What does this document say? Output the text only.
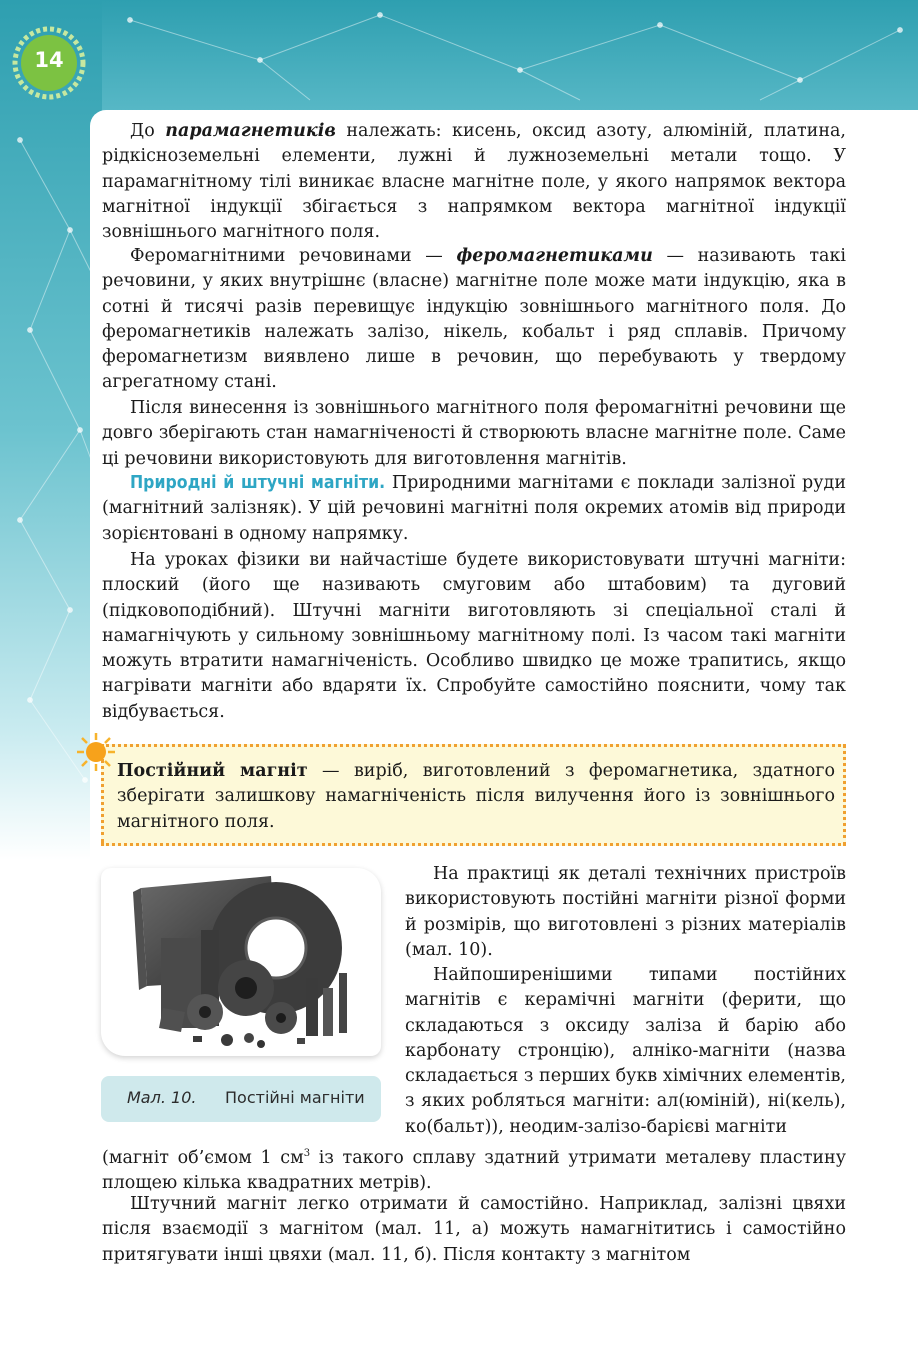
14

До парамагнетиків належать: кисень, оксид азоту, алюміній, платина, рідкісноземельні елементи, лужні й лужноземельні метали тощо. У парамагнітному тілі виникає власне магнітне поле, у якого напрямок вектора магнітної індукції збігається з напрямком вектора магнітної індукції зовнішнього магнітного поля.

Феромагнітними речовинами — феромагнетиками — називають такі речовини, у яких внутрішнє (власне) магнітне поле може мати індукцію, яка в сотні й тисячі разів перевищує індукцію зовнішнього магнітного поля. До феромагнетиків належать залізо, нікель, кобальт і ряд сплавів. Причому феромагнетизм виявлено лише в речовин, що перебувають у твердому агрегатному стані.

Після винесення із зовнішнього магнітного поля феромагнітні речовини ще довго зберігають стан намагніченості й створюють власне магнітне поле. Саме ці речовини використовують для виготовлення магнітів.

Природні й штучні магніти. Природними магнітами є поклади залізної руди (магнітний залізняк). У цій речовині магнітні поля окремих атомів від природи зорієнтовані в одному напрямку.

На уроках фізики ви найчастіше будете використовувати штучні магніти: плоский (його ще називають смуговим або штабовим) та дуговий (підковоподібний). Штучні магніти виготовляють зі спеціальної сталі й намагнічують у сильному зовнішньому магнітному полі. Із часом такі магніти можуть втратити намагніченість. Особливо швидко це може трапитись, якщо нагрівати магніти або вдаряти їх. Спробуйте самостійно пояснити, чому так відбувається.

Постійний магніт — виріб, виготовлений з феромагнетика, здатного зберігати залишкову намагніченість після вилучення його із зовнішнього магнітного поля.

Мал. 10. Постійні магніти

На практиці як деталі технічних пристроїв використовують постійні магніти різної форми й розмірів, що виготовлені з різних матеріалів (мал. 10).

Найпоширенішими типами постійних магнітів є керамічні магніти (ферити, що складаються з оксиду заліза й барію або карбонату стронцію), алніко-магніти (назва складається з перших букв хімічних елементів, з яких робляться магніти: ал(юміній), ні(кель), ко(бальт)), неодим-залізо-барієві магніти

(магніт об’ємом 1 $см^3$ із такого сплаву здатний утримати металеву пластину площею кілька квадратних метрів).

Штучний магніт легко отримати й самостійно. Наприклад, залізні цвяхи після взаємодії з магнітом (мал. 11, а) можуть намагнітитись і самостійно притягувати інші цвяхи (мал. 11, б). Після контакту з магнітом
